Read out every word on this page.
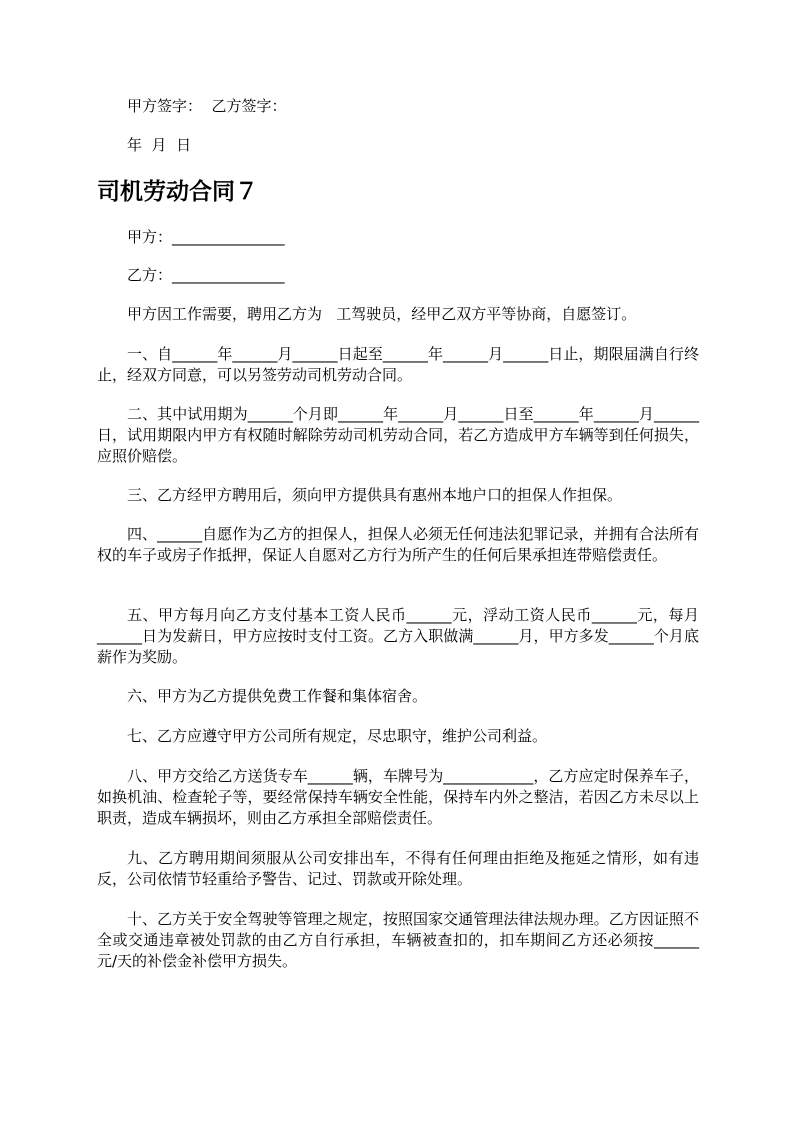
甲方签字：  乙方签字：
年  月  日
司机劳动合同７
甲方：_______________
乙方：_______________
甲方因工作需要，聘用乙方为   工驾驶员，经甲乙双方平等协商，自愿签订。
一、自______年______月______日起至______年______月______日止，期限届满自行终止，经双方同意，可以另签劳动司机劳动合同。
二、其中试用期为______个月即______年______月______日至______年______月______日，试用期限内甲方有权随时解除劳动司机劳动合同，若乙方造成甲方车辆等到任何损失，应照价赔偿。
三、乙方经甲方聘用后，须向甲方提供具有惠州本地户口的担保人作担保。
四、______自愿作为乙方的担保人，担保人必须无任何违法犯罪记录，并拥有合法所有权的车子或房子作抵押，保证人自愿对乙方行为所产生的任何后果承担连带赔偿责任。
五、甲方每月向乙方支付基本工资人民币______元，浮动工资人民币______元，每月______日为发薪日，甲方应按时支付工资。乙方入职做满______月，甲方多发______个月底薪作为奖励。
六、甲方为乙方提供免费工作餐和集体宿舍。
七、乙方应遵守甲方公司所有规定，尽忠职守，维护公司利益。
八、甲方交给乙方送货专车______辆，车牌号为____________，乙方应定时保养车子，如换机油、检查轮子等，要经常保持车辆安全性能，保持车内外之整洁，若因乙方未尽以上职责，造成车辆损坏，则由乙方承担全部赔偿责任。
九、乙方聘用期间须服从公司安排出车，不得有任何理由拒绝及拖延之情形，如有违反，公司依情节轻重给予警告、记过、罚款或开除处理。
十、乙方关于安全驾驶等管理之规定，按照国家交通管理法律法规办理。乙方因证照不全或交通违章被处罚款的由乙方自行承担，车辆被查扣的，扣车期间乙方还必须按______元/天的补偿金补偿甲方损失。
